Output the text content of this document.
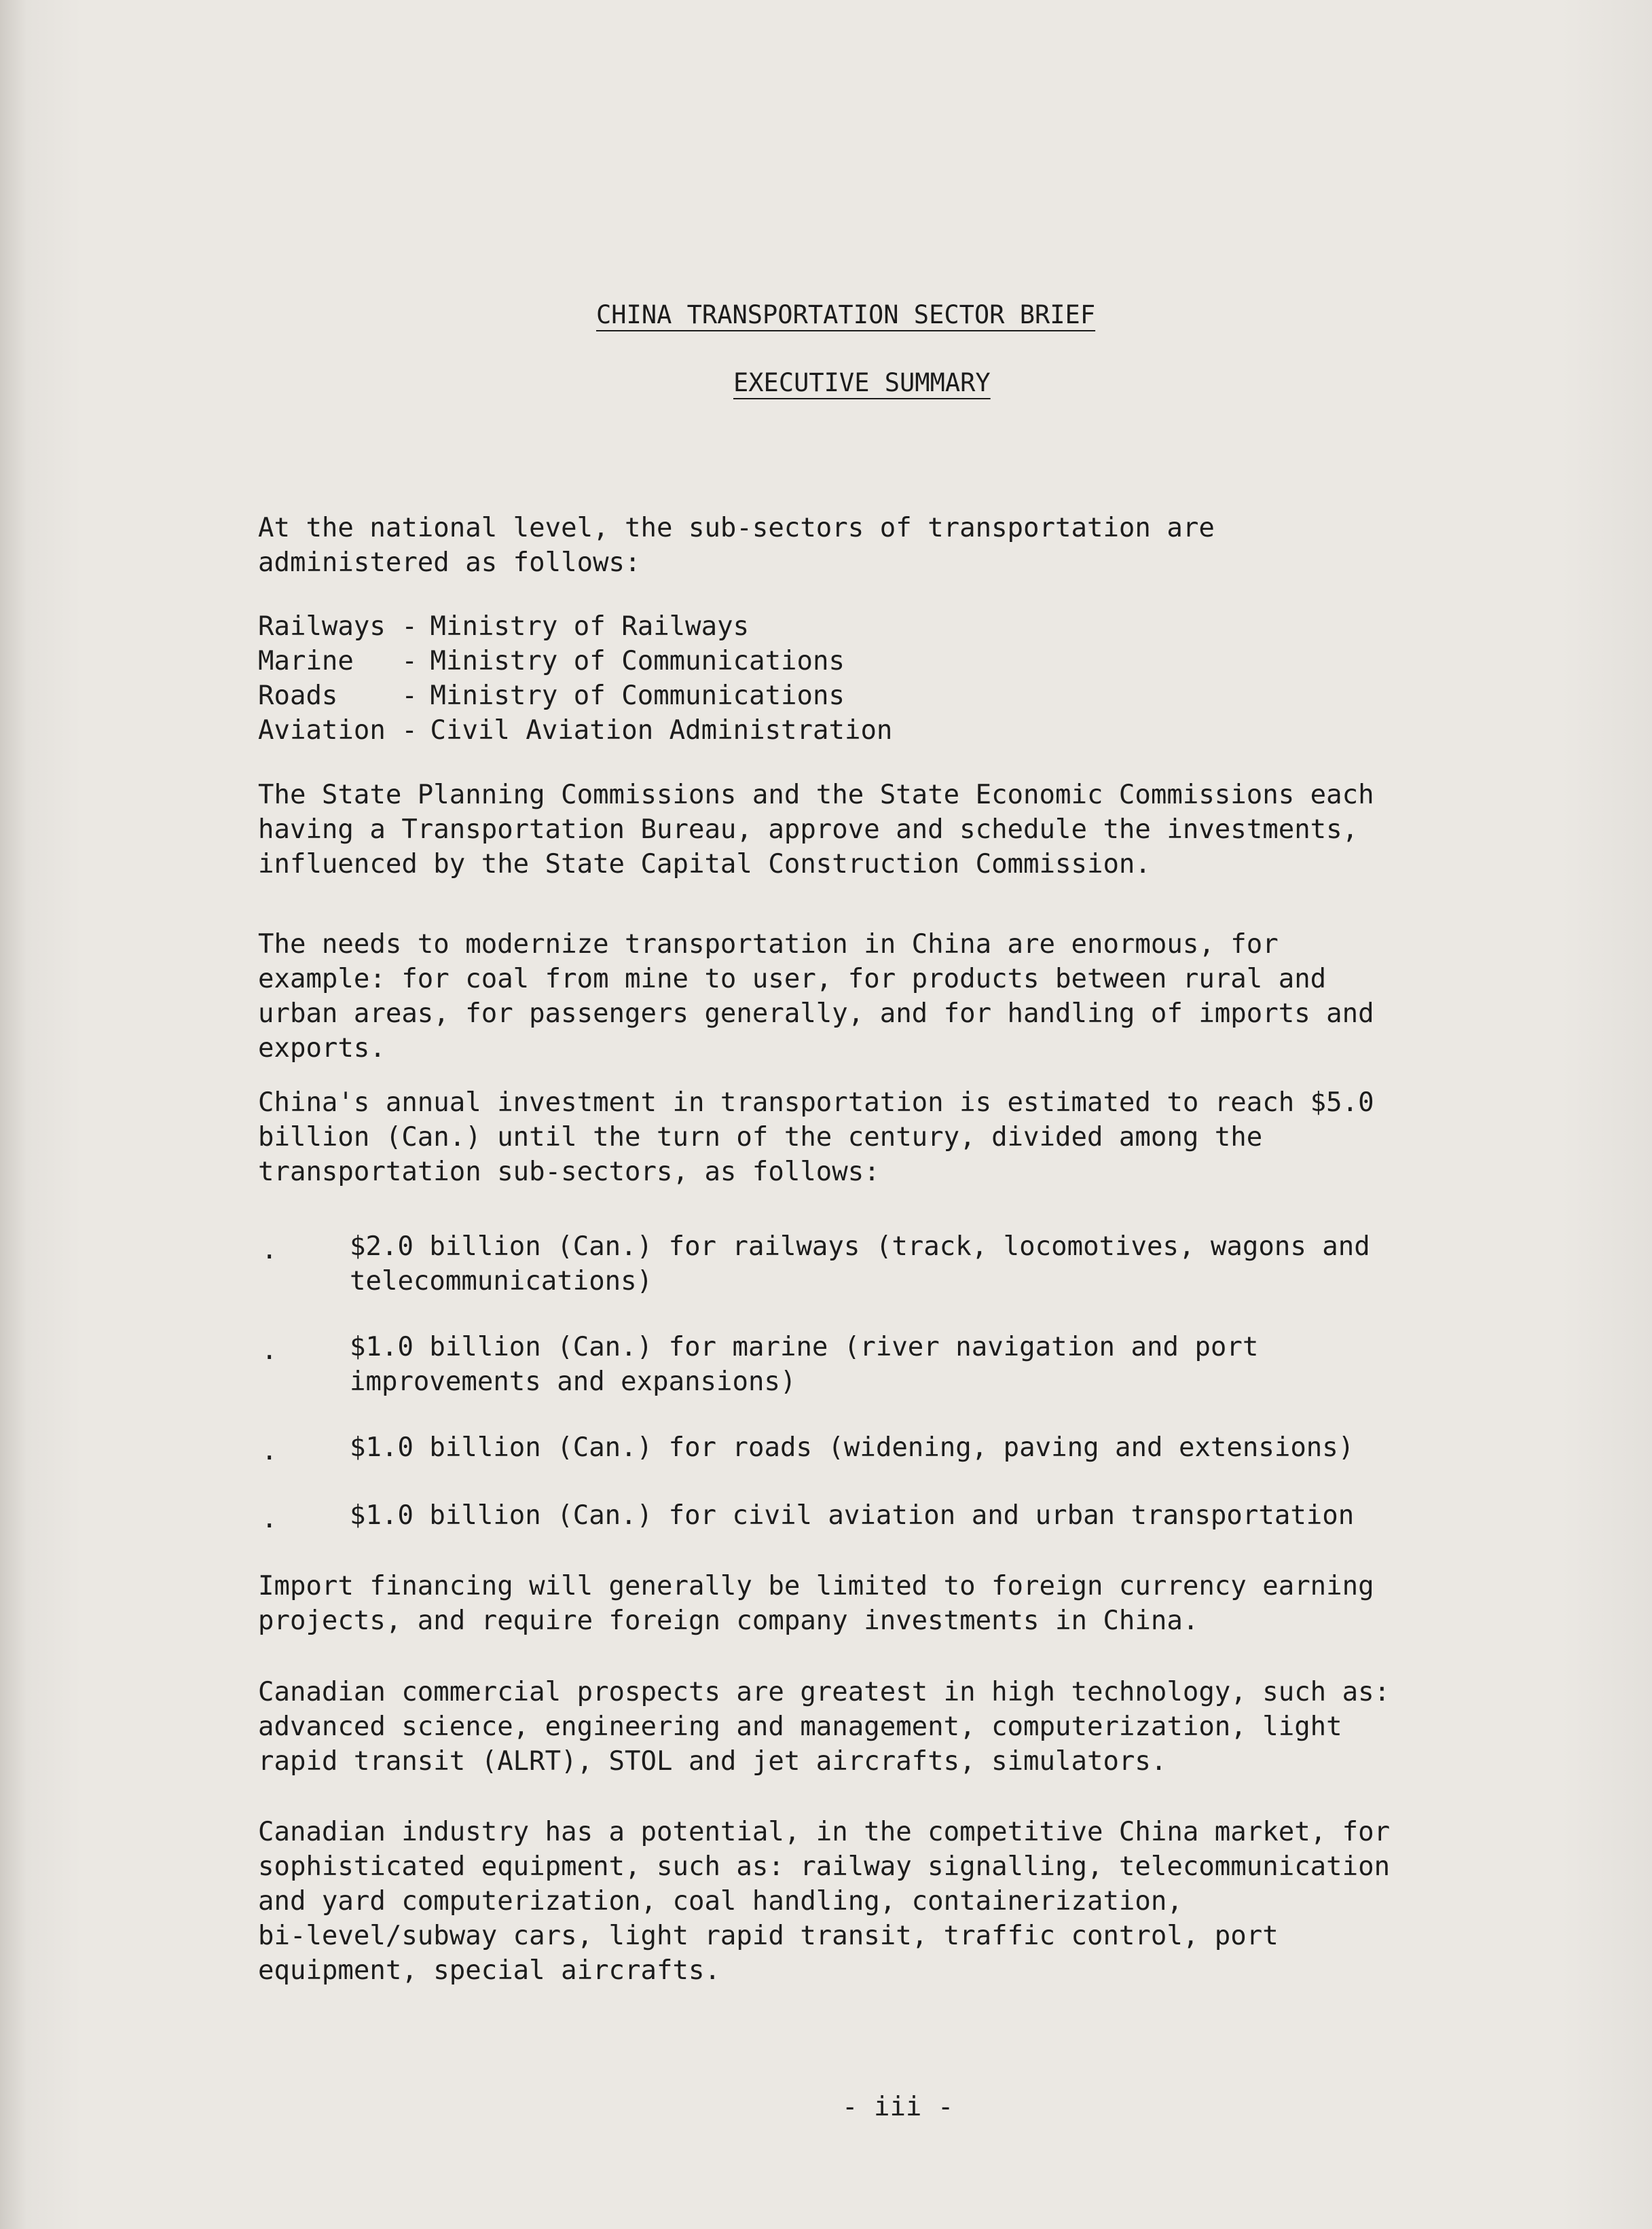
CHINA TRANSPORTATION SECTOR BRIEF
EXECUTIVE SUMMARY
At the national level, the sub-sectors of transportation are
administered as follows:
Railways - Ministry of Railways
Marine   - Ministry of Communications
Roads    - Ministry of Communications
Aviation - Civil Aviation Administration
The State Planning Commissions and the State Economic Commissions each
having a Transportation Bureau, approve and schedule the investments,
influenced by the State Capital Construction Commission.
The needs to modernize transportation in China are enormous, for
example: for coal from mine to user, for products between rural and
urban areas, for passengers generally, and for handling of imports and
exports.
China's annual investment in transportation is estimated to reach $5.0
billion (Can.) until the turn of the century, divided among the
transportation sub-sectors, as follows:
.	$2.0 billion (Can.) for railways (track, locomotives, wagons and
telecommunications)
.	$1.0 billion (Can.) for marine (river navigation and port
improvements and expansions)
.	$1.0 billion (Can.) for roads (widening, paving and extensions)
.	$1.0 billion (Can.) for civil aviation and urban transportation
Import financing will generally be limited to foreign currency earning
projects, and require foreign company investments in China.
Canadian commercial prospects are greatest in high technology, such as:
advanced science, engineering and management, computerization, light
rapid transit (ALRT), STOL and jet aircrafts, simulators.
Canadian industry has a potential, in the competitive China market, for
sophisticated equipment, such as: railway signalling, telecommunication
and yard computerization, coal handling, containerization,
bi-level/subway cars, light rapid transit, traffic control, port
equipment, special aircrafts.
- iii -
